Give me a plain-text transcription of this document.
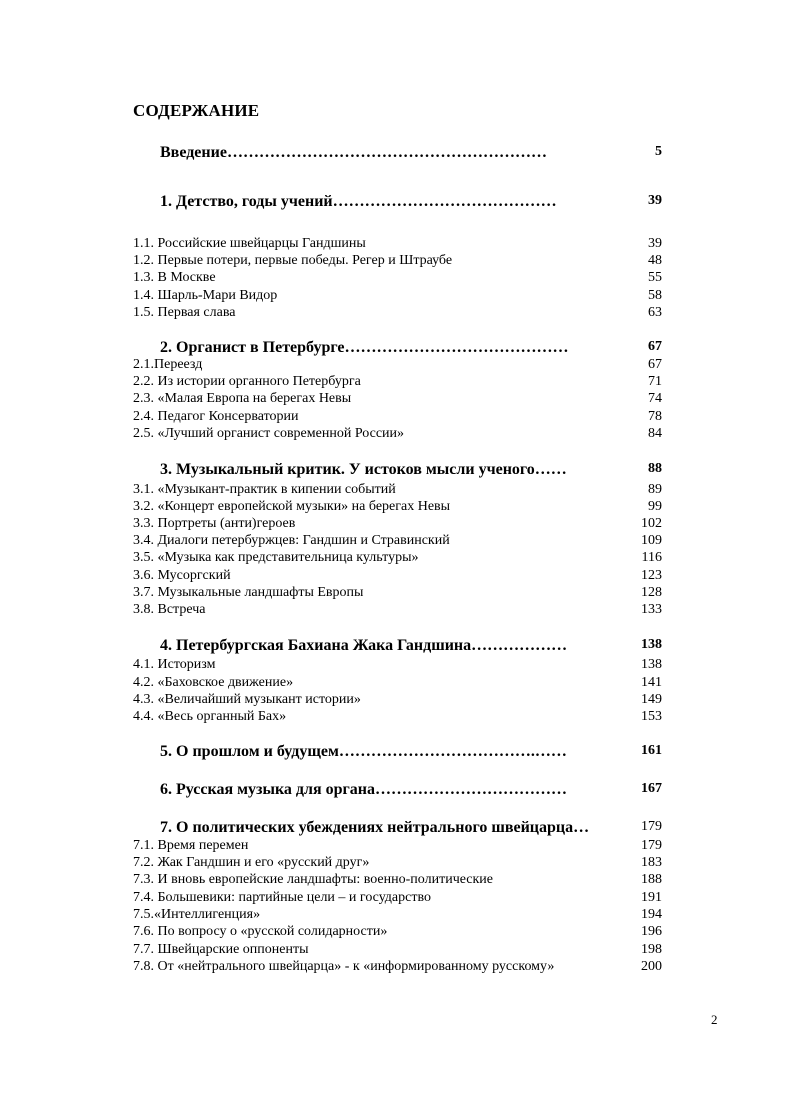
СОДЕРЖАНИЕ
Введение……………………………………………………	5
1. Детство, годы учений……………………………………	39
1.1. Российские швейцарцы Гандшины	39
1.2. Первые потери, первые победы. Регер и Штраубе	48
1.3. В Москве	55
1.4. Шарль-Мари Видор	58
1.5. Первая слава	63
2. Органист в Петербурге……………………………………	67
2.1.Переезд	67
2.2. Из истории органного Петербурга	71
2.3. «Малая Европа на берегах Невы	74
2.4. Педагог Консерватории	78
2.5. «Лучший органист современной России»	84
3. Музыкальный критик. У истоков мысли ученого……	88
3.1. «Музыкант-практик в кипении событий	89
3.2. «Концерт европейской музыки» на берегах Невы	99
3.3. Портреты (анти)героев	102
3.4. Диалоги петербуржцев: Гандшин и Стравинский	109
3.5. «Музыка как представительница культуры»	116
3.6. Мусоргский	123
3.7. Музыкальные ландшафты Европы	128
3.8. Встреча	133
4. Петербургская Бахиана Жака Гандшина………………	138
4.1. Историзм	138
4.2. «Баховское движение»	141
4.3. «Величайший музыкант истории»	149
4.4. «Весь органный Бах»	153
5. О прошлом и будущем……………………………….……	161
6. Русская музыка для органа………………………………	167
7. О политических убеждениях нейтрального швейцарца…	179
7.1. Время перемен	179
7.2. Жак Гандшин и его «русский друг»	183
7.3. И вновь европейские ландшафты: военно-политические	188
7.4. Большевики: партийные цели – и государство	191
7.5.«Интеллигенция»	194
7.6. По вопросу о «русской солидарности»	196
7.7. Швейцарские оппоненты	198
7.8. От «нейтрального швейцарца» - к «информированному русскому»	200
2
